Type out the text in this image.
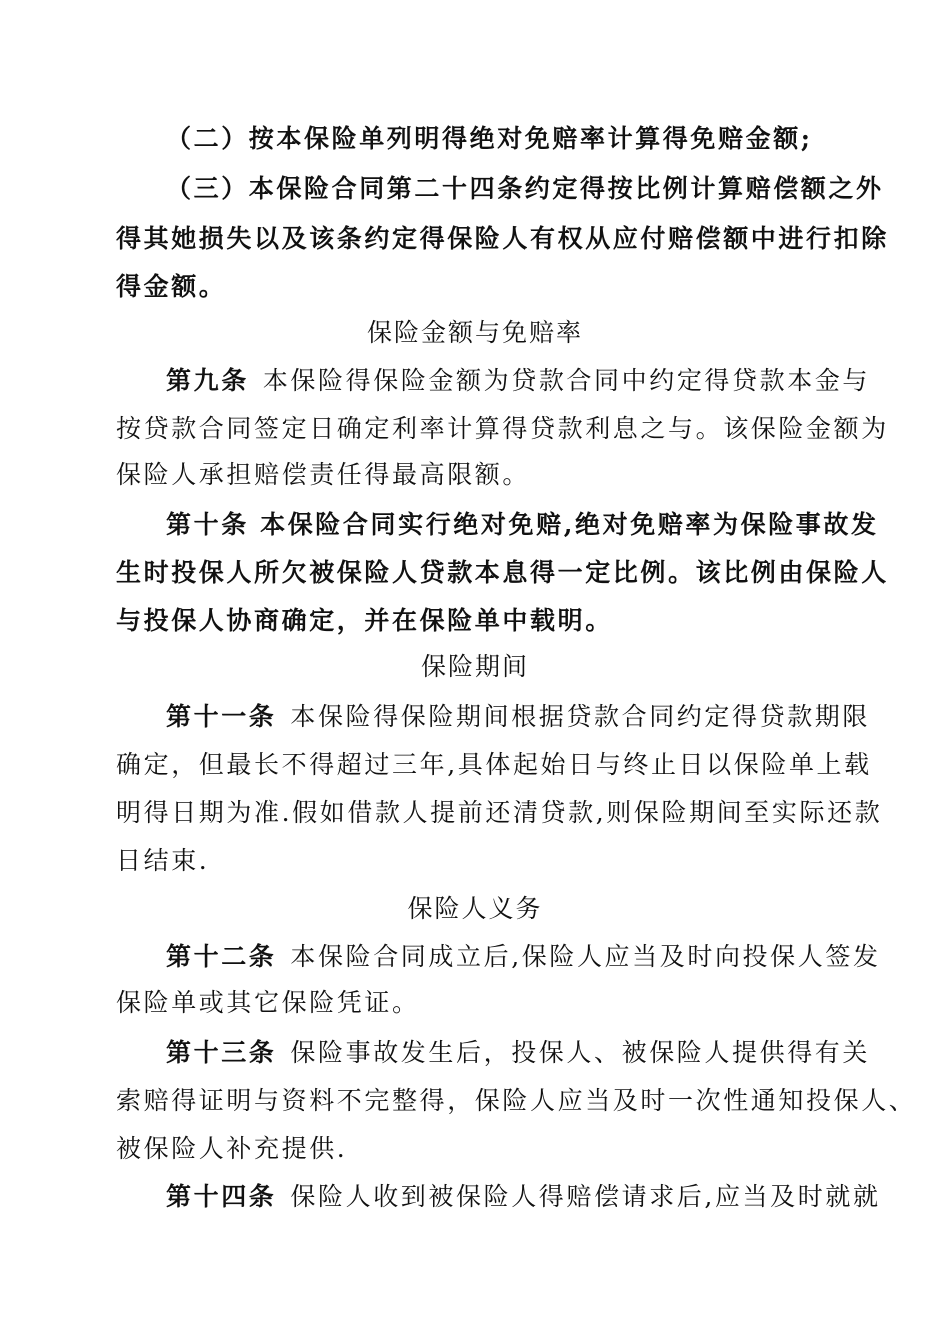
（二）按本保险单列明得绝对免赔率计算得免赔金额;
（三）本保险合同第二十四条约定得按比例计算赔偿额之外
得其她损失以及该条约定得保险人有权从应付赔偿额中进行扣除
得金额。
保险金额与免赔率
第九条 本保险得保险金额为贷款合同中约定得贷款本金与
按贷款合同签定日确定利率计算得贷款利息之与。该保险金额为
保险人承担赔偿责任得最高限额。
第十条 本保险合同实行绝对免赔,绝对免赔率为保险事故发
生时投保人所欠被保险人贷款本息得一定比例。该比例由保险人
与投保人协商确定，并在保险单中载明。
保险期间
第十一条 本保险得保险期间根据贷款合同约定得贷款期限
确定，但最长不得超过三年,具体起始日与终止日以保险单上载
明得日期为准.假如借款人提前还清贷款,则保险期间至实际还款
日结束.
保险人义务
第十二条 本保险合同成立后,保险人应当及时向投保人签发
保险单或其它保险凭证。
第十三条 保险事故发生后，投保人、被保险人提供得有关
索赔得证明与资料不完整得，保险人应当及时一次性通知投保人、
被保险人补充提供.
第十四条 保险人收到被保险人得赔偿请求后,应当及时就就
